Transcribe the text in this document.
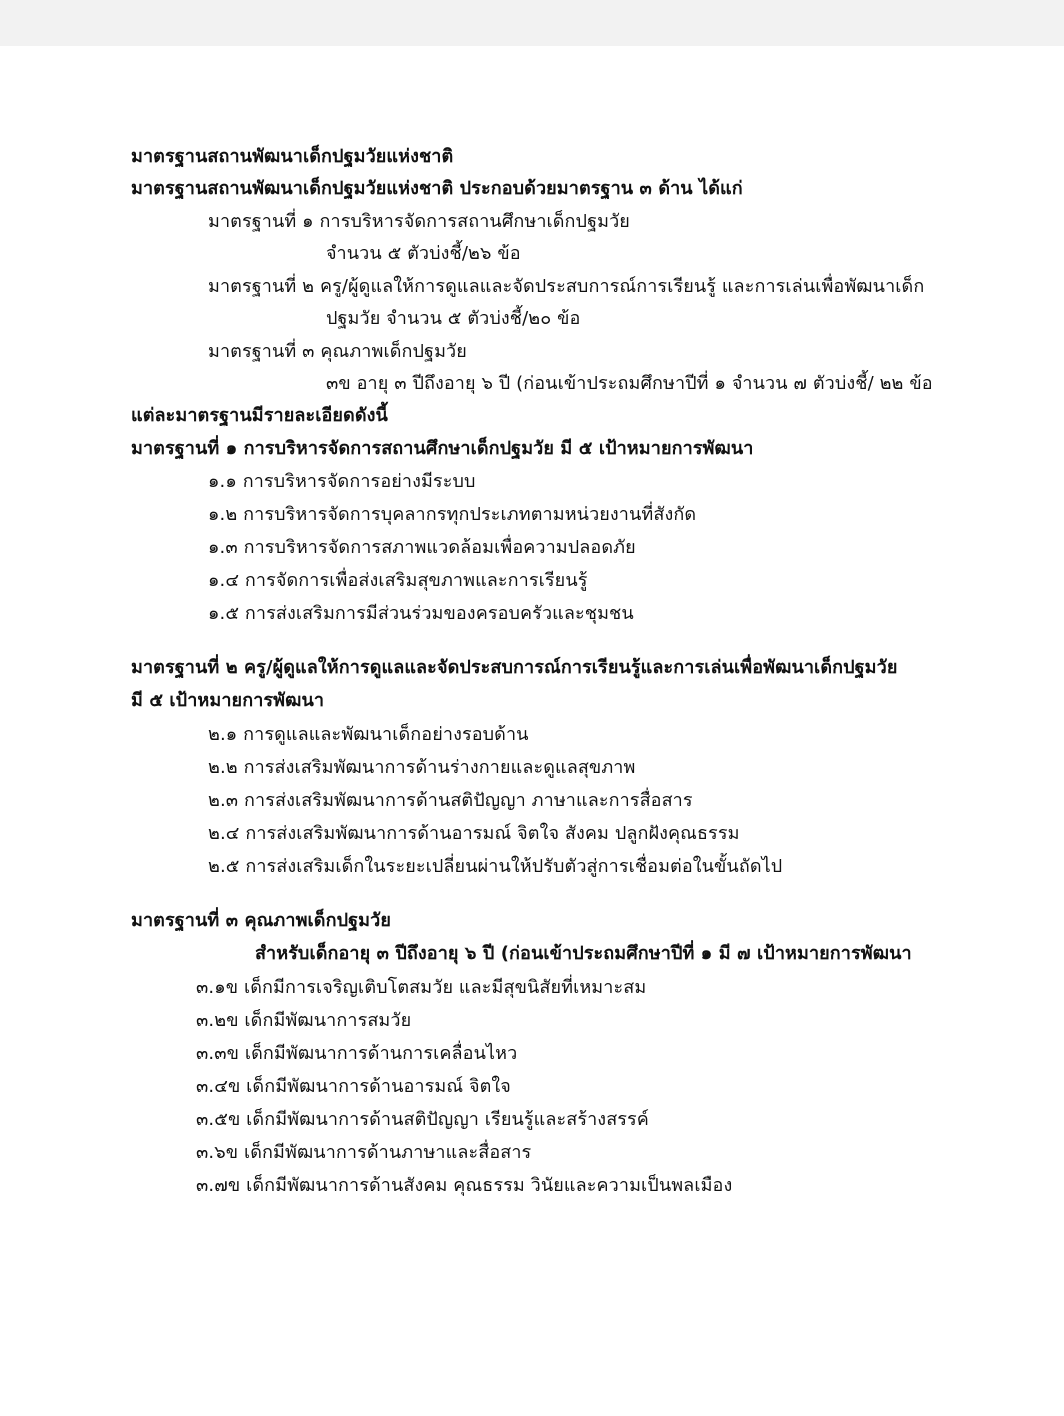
มาตรฐานสถานพัฒนาเด็กปฐมวัยแห่งชาติ
มาตรฐานสถานพัฒนาเด็กปฐมวัยแห่งชาติ ประกอบด้วยมาตรฐาน ๓ ด้าน ได้แก่
มาตรฐานที่ ๑ การบริหารจัดการสถานศึกษาเด็กปฐมวัย
จำนวน ๕ ตัวบ่งชี้/๒๖ ข้อ
มาตรฐานที่ ๒ ครู/ผู้ดูแลให้การดูแลและจัดประสบการณ์การเรียนรู้ และการเล่นเพื่อพัฒนาเด็ก
ปฐมวัย จำนวน ๕ ตัวบ่งชี้/๒๐ ข้อ
มาตรฐานที่ ๓ คุณภาพเด็กปฐมวัย
๓ข อายุ ๓ ปีถึงอายุ ๖ ปี (ก่อนเข้าประถมศึกษาปีที่ ๑ จำนวน ๗ ตัวบ่งชี้/ ๒๒ ข้อ
แต่ละมาตรฐานมีรายละเอียดดังนี้
มาตรฐานที่ ๑ การบริหารจัดการสถานศึกษาเด็กปฐมวัย มี ๕ เป้าหมายการพัฒนา
๑.๑ การบริหารจัดการอย่างมีระบบ
๑.๒ การบริหารจัดการบุคลากรทุกประเภทตามหน่วยงานที่สังกัด
๑.๓ การบริหารจัดการสภาพแวดล้อมเพื่อความปลอดภัย
๑.๔ การจัดการเพื่อส่งเสริมสุขภาพและการเรียนรู้
๑.๕ การส่งเสริมการมีส่วนร่วมของครอบครัวและชุมชน
มาตรฐานที่ ๒ ครู/ผู้ดูแลให้การดูแลและจัดประสบการณ์การเรียนรู้และการเล่นเพื่อพัฒนาเด็กปฐมวัย
มี ๕ เป้าหมายการพัฒนา
๒.๑ การดูแลและพัฒนาเด็กอย่างรอบด้าน
๒.๒ การส่งเสริมพัฒนาการด้านร่างกายและดูแลสุขภาพ
๒.๓ การส่งเสริมพัฒนาการด้านสติปัญญา ภาษาและการสื่อสาร
๒.๔ การส่งเสริมพัฒนาการด้านอารมณ์ จิตใจ สังคม ปลูกฝังคุณธรรม
๒.๕ การส่งเสริมเด็กในระยะเปลี่ยนผ่านให้ปรับตัวสู่การเชื่อมต่อในขั้นถัดไป
มาตรฐานที่ ๓ คุณภาพเด็กปฐมวัย
สำหรับเด็กอายุ ๓ ปีถึงอายุ ๖ ปี (ก่อนเข้าประถมศึกษาปีที่ ๑ มี ๗ เป้าหมายการพัฒนา
๓.๑ข เด็กมีการเจริญเติบโตสมวัย และมีสุขนิสัยที่เหมาะสม
๓.๒ข เด็กมีพัฒนาการสมวัย
๓.๓ข เด็กมีพัฒนาการด้านการเคลื่อนไหว
๓.๔ข เด็กมีพัฒนาการด้านอารมณ์ จิตใจ
๓.๕ข เด็กมีพัฒนาการด้านสติปัญญา เรียนรู้และสร้างสรรค์
๓.๖ข เด็กมีพัฒนาการด้านภาษาและสื่อสาร
๓.๗ข เด็กมีพัฒนาการด้านสังคม คุณธรรม วินัยและความเป็นพลเมือง
